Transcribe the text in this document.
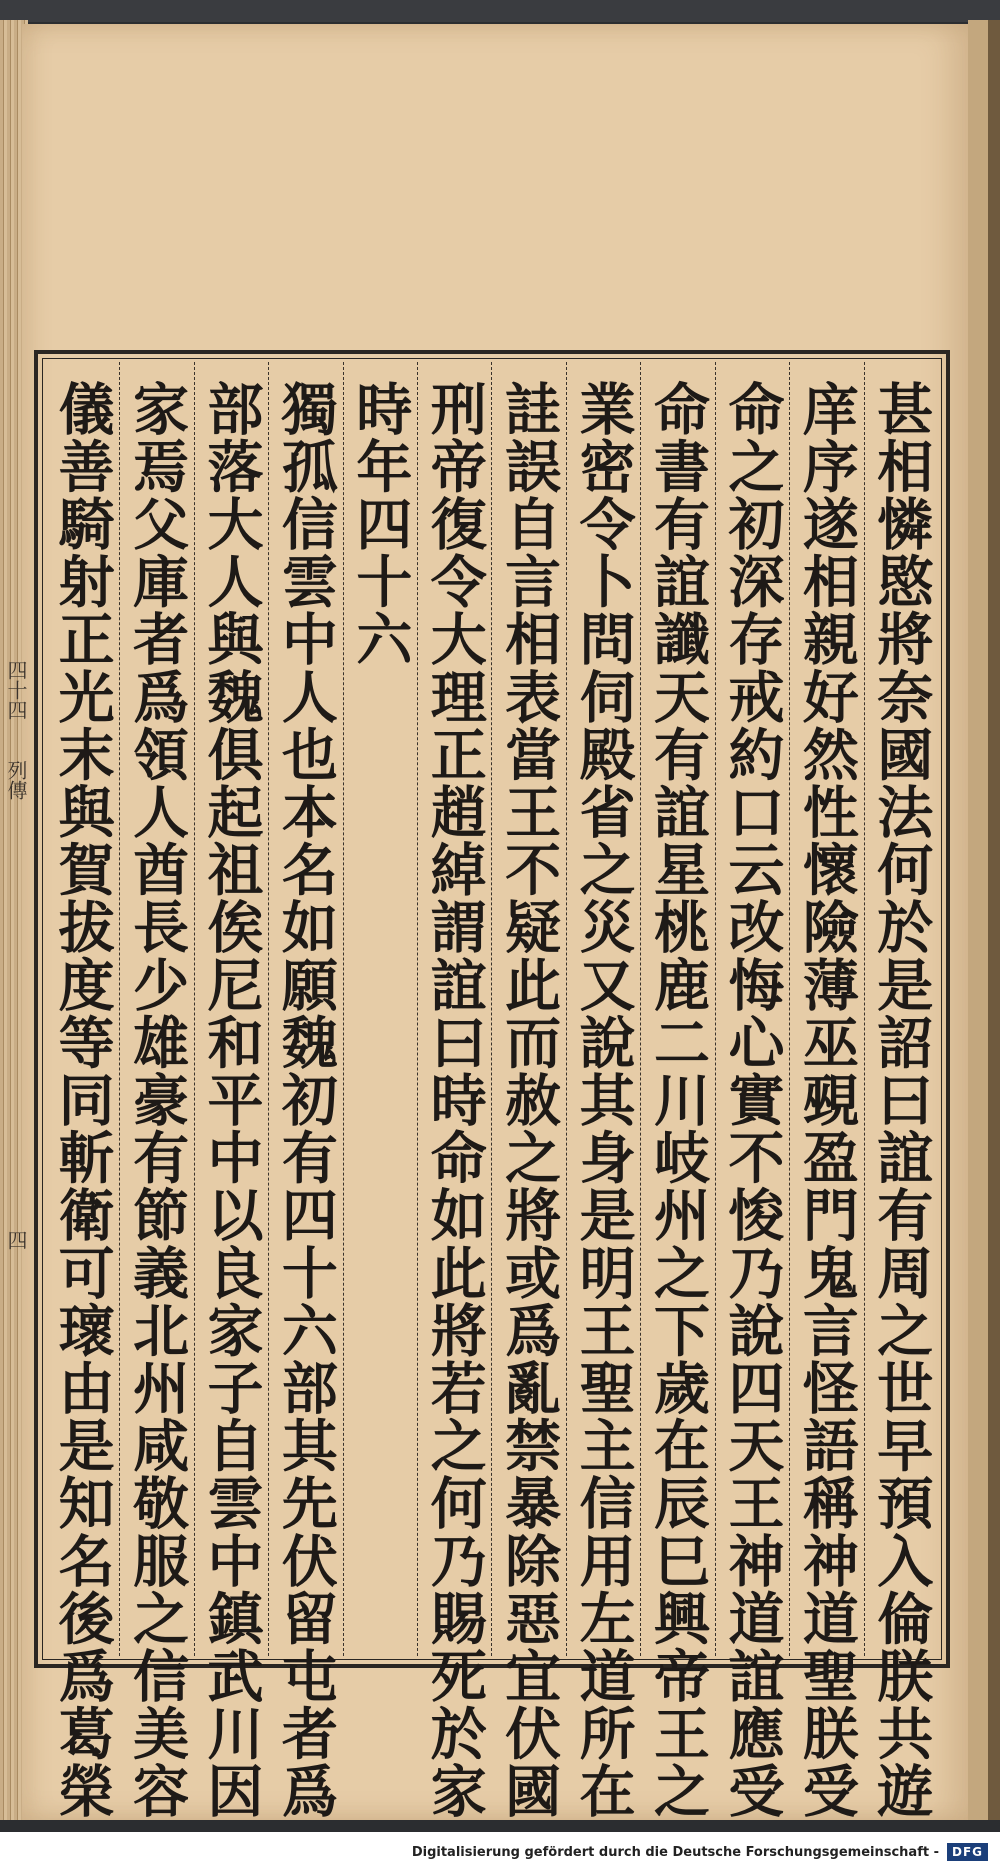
四十四
列傳
四	甚相憐愍將奈國法何於是詔曰誼有周之世早預入倫朕共遊
庠序遂相親好然性懷險薄巫覡盈門鬼言怪語稱神道聖朕受
命之初深存戒約口云改悔心實不悛乃說四天王神道誼應受
命書有誼讖天有誼星桃鹿二川岐州之下歲在辰巳興帝王之
業密令卜問伺殿省之災又說其身是明王聖主信用左道所在
詿誤自言相表當王不疑此而赦之將或爲亂禁暴除惡宜伏國
刑帝復令大理正趙綽謂誼曰時命如此將若之何乃賜死於家
時年四十六
獨孤信雲中人也本名如願魏初有四十六部其先伏留屯者爲
部落大人與魏俱起祖俟尼和平中以良家子自雲中鎮武川因
家焉父庫者爲領人酋長少雄豪有節義北州咸敬服之信美容
儀善騎射正光末與賀拔度等同斬衛可瓌由是知名後爲葛榮
Digitalisierung gefördert durch die Deutsche Forschungsgemeinschaft -	DFG
